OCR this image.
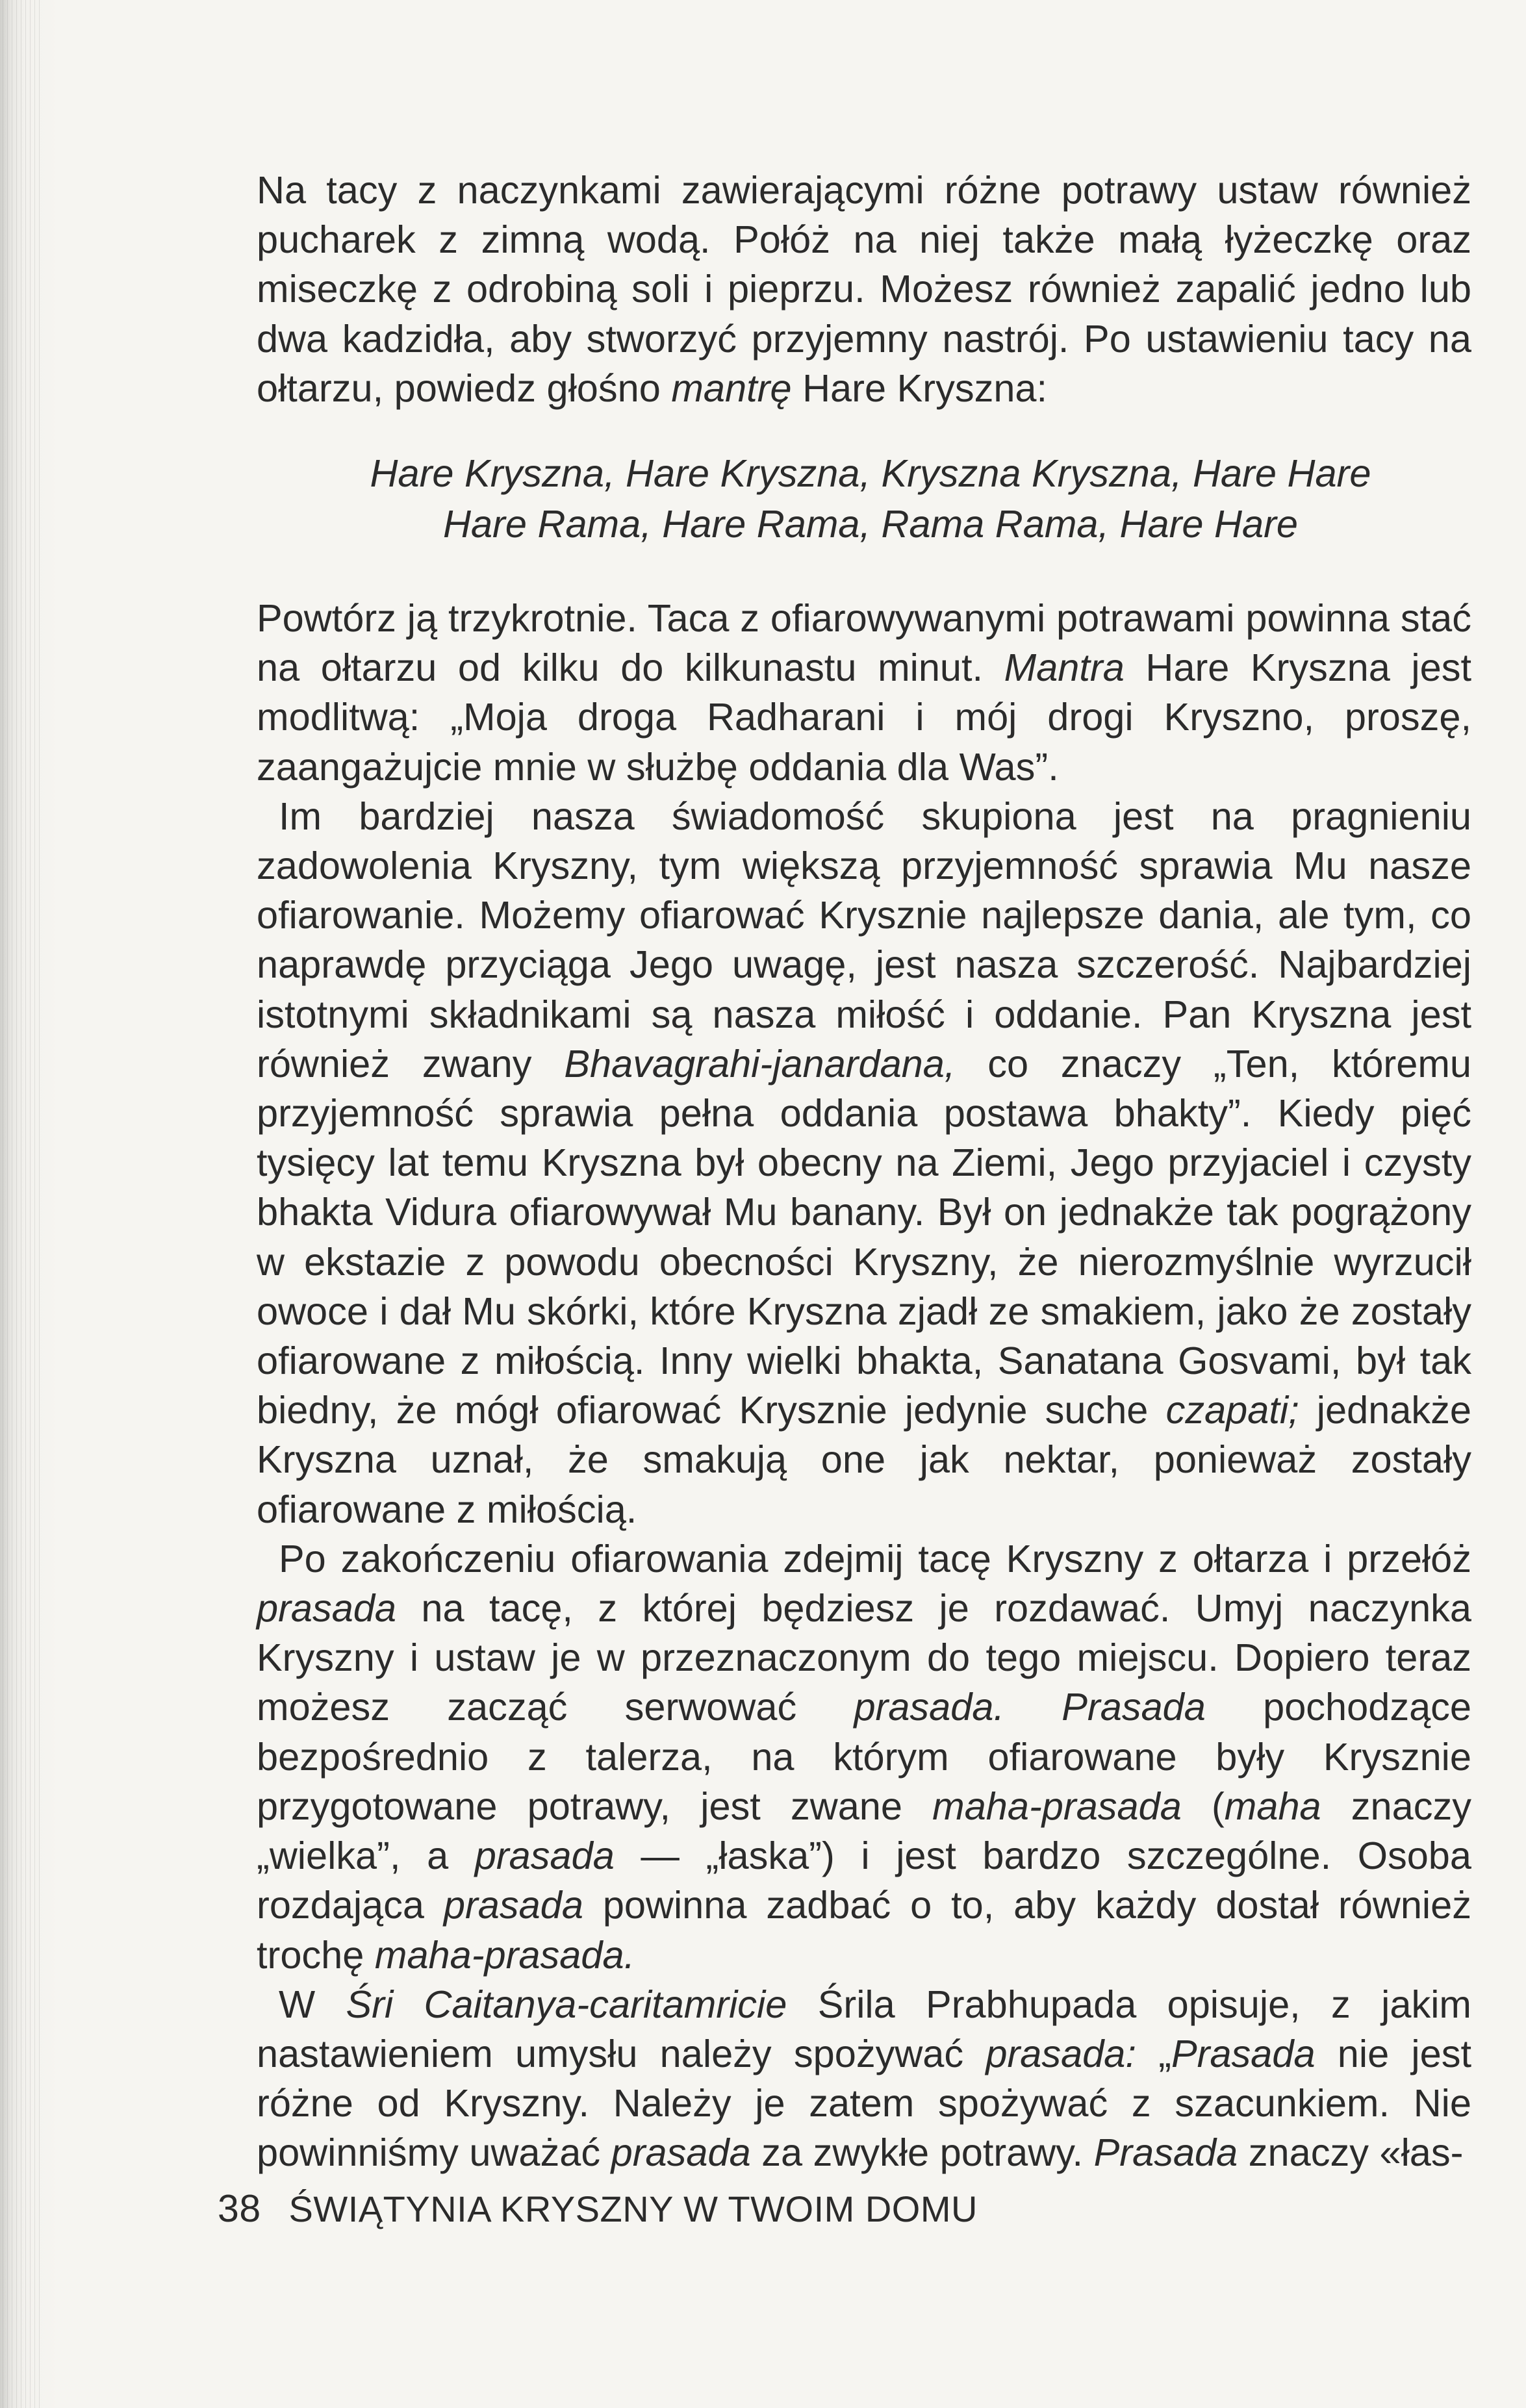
Na tacy z naczynkami zawierającymi różne potrawy ustaw również pucharek z zimną wodą. Połóż na niej także małą łyżeczkę oraz miseczkę z odrobiną soli i pieprzu. Możesz również zapalić jedno lub dwa kadzidła, aby stworzyć przyjemny nastrój. Po ustawieniu tacy na ołtarzu, powiedz głośno mantrę Hare Kryszna:

Hare Kryszna, Hare Kryszna, Kryszna Kryszna, Hare Hare
Hare Rama, Hare Rama, Rama Rama, Hare Hare

Powtórz ją trzykrotnie. Taca z ofiarowywanymi potrawami powinna stać na ołtarzu od kilku do kilkunastu minut. Mantra Hare Kryszna jest modlitwą: „Moja droga Radharani i mój drogi Kryszno, proszę, zaangażujcie mnie w służbę oddania dla Was”.

Im bardziej nasza świadomość skupiona jest na pragnieniu zadowolenia Kryszny, tym większą przyjemność sprawia Mu nasze ofiarowanie. Możemy ofiarować Krysznie najlepsze dania, ale tym, co naprawdę przyciąga Jego uwagę, jest nasza szczerość. Najbardziej istotnymi składnikami są nasza miłość i oddanie. Pan Kryszna jest również zwany Bhavagrahi-janardana, co znaczy „Ten, któremu przyjemność sprawia pełna oddania postawa bhakty”. Kiedy pięć tysięcy lat temu Kryszna był obecny na Ziemi, Jego przyjaciel i czysty bhakta Vidura ofiarowywał Mu banany. Był on jednakże tak pogrążony w ekstazie z powodu obecności Kryszny, że nierozmyślnie wyrzucił owoce i dał Mu skórki, które Kryszna zjadł ze smakiem, jako że zostały ofiarowane z miłością. Inny wielki bhakta, Sanatana Gosvami, był tak biedny, że mógł ofiarować Krysznie jedynie suche czapati; jednakże Kryszna uznał, że smakują one jak nektar, ponieważ zostały ofiarowane z miłością.

Po zakończeniu ofiarowania zdejmij tacę Kryszny z ołtarza i przełóż prasada na tacę, z której będziesz je rozdawać. Umyj naczynka Kryszny i ustaw je w przeznaczonym do tego miejscu. Dopiero teraz możesz zacząć serwować prasada. Prasada pochodzące bezpośrednio z talerza, na którym ofiarowane były Krysznie przygotowane potrawy, jest zwane maha-prasada (maha znaczy „wielka”, a prasada — „łaska”) i jest bardzo szczególne. Osoba rozdająca prasada powinna zadbać o to, aby każdy dostał również trochę maha-prasada.

W Śri Caitanya-caritamricie Śrila Prabhupada opisuje, z jakim nastawieniem umysłu należy spożywać prasada: „Prasada nie jest różne od Kryszny. Należy je zatem spożywać z szacunkiem. Nie powinniśmy uważać prasada za zwykłe potrawy. Prasada znaczy «łas-

38 ŚWIĄTYNIA KRYSZNY W TWOIM DOMU
